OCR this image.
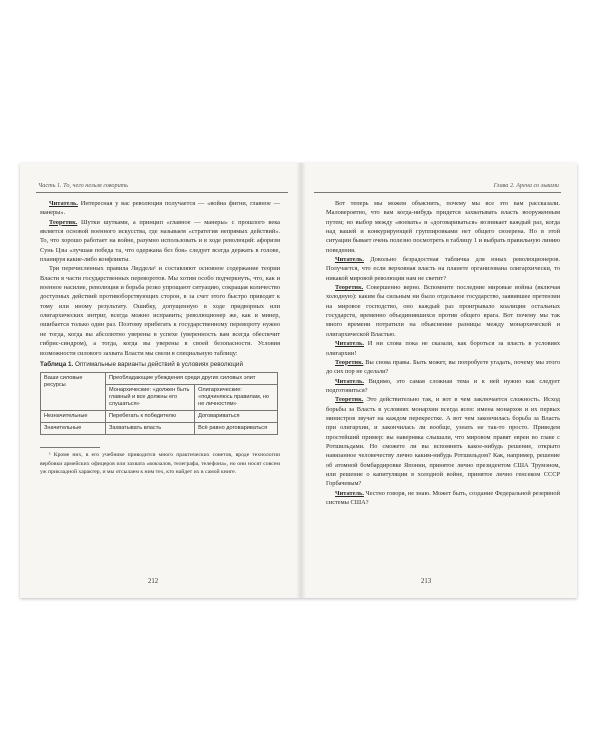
Часть 1. То, чего нельзя говорить

Читатель. Интересная у вас революция получается — «война фигни, главное — манеры».

Теоретик. Шутки шутками, а принцип «главное — манеры» с прошлого века является основой военного искусства, где называем «стратегия непрямых действий». То, что хорошо работает на войне, разумно использовать и в ходе революций: афоризм Сунь Цзы «лучшая победа та, что одержана без боя» следует всегда держать в голове, планируя какие-либо конфликты.

Три перечисленных правила Лиддела¹ и составляют основное содержание теории Власти в части государственных переворотов. Мы хотим особо подчеркнуть, что, как и военное насилие, революция и борьба резко упрощают ситуацию, сокращая количество доступных действий противоборствующих сторон, в за счет этого быстро приводят к тому или иному результату. Ошибку, допущенную в ходе придворных или олигархических интриг, всегда можно исправить; революционер же, как и минер, ошибается только один раз. Поэтому прибегать к государственному перевороту нужно не тогда, когда вы абсолютно уверены в успехе (уверенность вам всегда обеспечит гибрис-синдром), а тогда, когда вы уверены в своей безопасности. Условия возможности силового захвата Власти мы свели в специальную таблицу:

Таблица 1. Оптимальные варианты действий в условиях революций
Ваши силовые ресурсы	Преобладающие убеждения среди других силовых элит	
	Монархические: «должен быть главный и все должны его слушаться»	Олигархические: «подчиняюсь правилам, но не личностям»
Незначительные	Перебегать к победителю	Договариваться
Значительные	Захватывать власть	Всё равно договариваться

¹ Кроме них, в его учебнике приводится много практических советов, вроде технологии вербовки армейских офицеров или захвата «вокзалов, телеграфа, телефона», но они носят совсем уж прикладной характер, и мы отсылаем к ним тех, кто найдет их в самой книге.

212
Глава 2. Арена со львами

Вот теперь мы можем объяснить, почему мы все это вам рассказали. Маловероятно, что вам когда-нибудь придется захватывать власть вооруженным путем; но выбор между «воевать» и «договариваться» возникает каждый раз, когда над вашей и конкурирующей группировками нет общего сюзерена. Но в этой ситуации бывает очень полезно посмотреть в таблицу 1 и выбрать правильную линию поведения.

Читатель. Довольно безрадостная табличка для юных революционеров. Получается, что если верховная власть на планете организована олигархически, то никакой мировой революции нам не светит?

Теоретик. Совершенно верно. Вспомните последние мировые войны (включая холодную): каким бы сильным ни было отдельное государство, заявившее претензии на мировое господство, оно каждый раз проигрывало коалиции остальных государств, временно объединившихся против общего врага. Вот почему мы так много времени потратили на объяснение разницы между монархической и олигархической Властью.

Читатель. И ни слова пока не сказали, как бороться за власть в условиях олигархии!

Теоретик. Вы снова правы. Быть может, вы попробуете угадать, почему мы этого до сих пор не сделали?

Читатель. Видимо, это самая сложная тема и к ней нужно как следует подготовиться?

Теоретик. Это действительно так, и вот в чем заключается сложность. Исход борьбы за Власть в условиях монархии всегда ясен: имена монархов и их первых министров звучат на каждом перекрестке. А вот чем закончилась борьба за Власть при олигархии, и закончилась ли вообще, узнать не так-то просто. Приведем простейший пример: вы наверняка слышали, что мировом правят евреи во главе с Ротшильдами. Но сможете ли вы вспомнить какое-нибудь решение, открыто навязанное человечеству лично каким-нибудь Ротшильдом? Как, например, решение об атомной бомбардировке Японии, принятое лично президентом США Трумэном, или решение о капитуляции в холодной войне, принятое лично генсеком СССР Горбачевым?

Читатель. Честно говоря, не знаю. Может быть, создание Федеральной резервной системы США?

213
